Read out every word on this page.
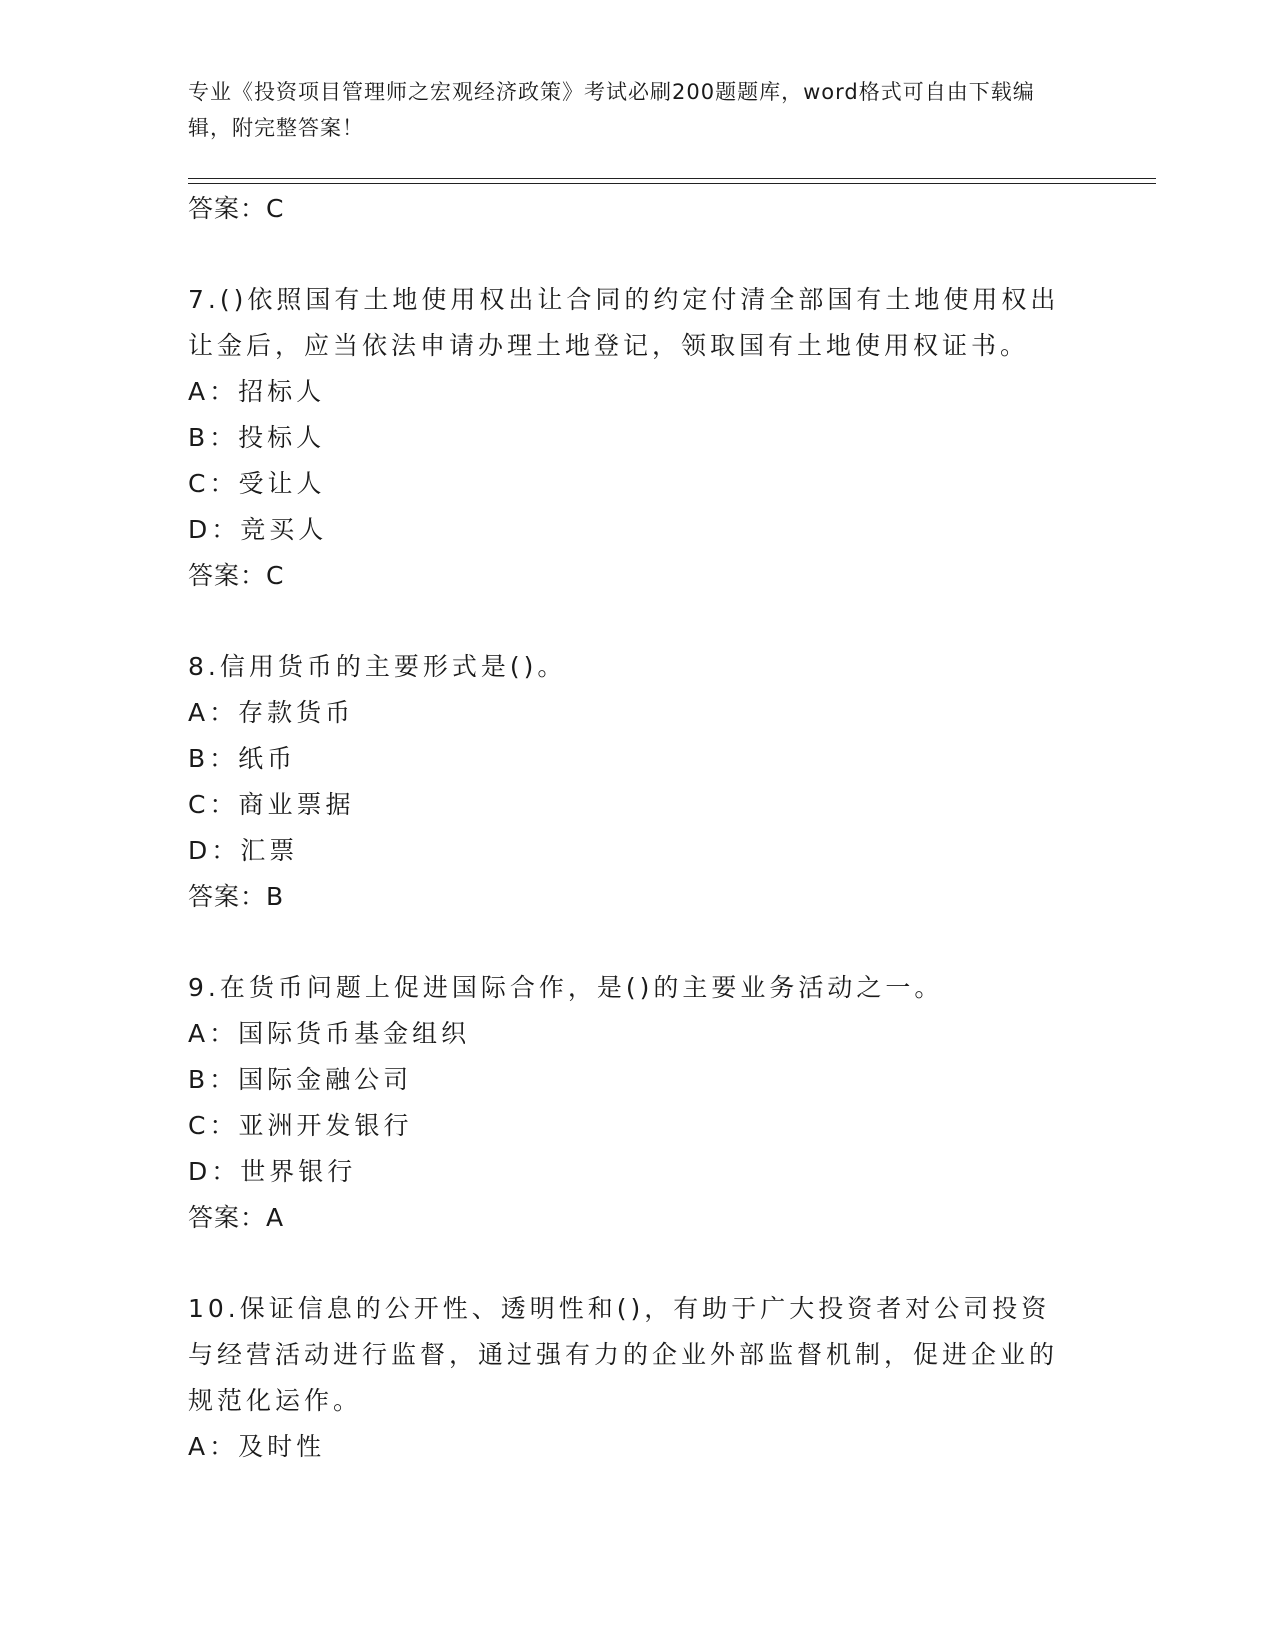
专业《投资项目管理师之宏观经济政策》考试必刷200题题库，word格式可自由下载编辑，附完整答案！
答案：C
7.()依照国有土地使用权出让合同的约定付清全部国有土地使用权出让金后，应当依法申请办理土地登记，领取国有土地使用权证书。
A：招标人
B：投标人
C：受让人
D：竞买人
答案：C
8.信用货币的主要形式是()。
A：存款货币
B：纸币
C：商业票据
D：汇票
答案：B
9.在货币问题上促进国际合作，是()的主要业务活动之一。
A：国际货币基金组织
B：国际金融公司
C：亚洲开发银行
D：世界银行
答案：A
10.保证信息的公开性、透明性和()，有助于广大投资者对公司投资与经营活动进行监督，通过强有力的企业外部监督机制，促进企业的规范化运作。
A：及时性
